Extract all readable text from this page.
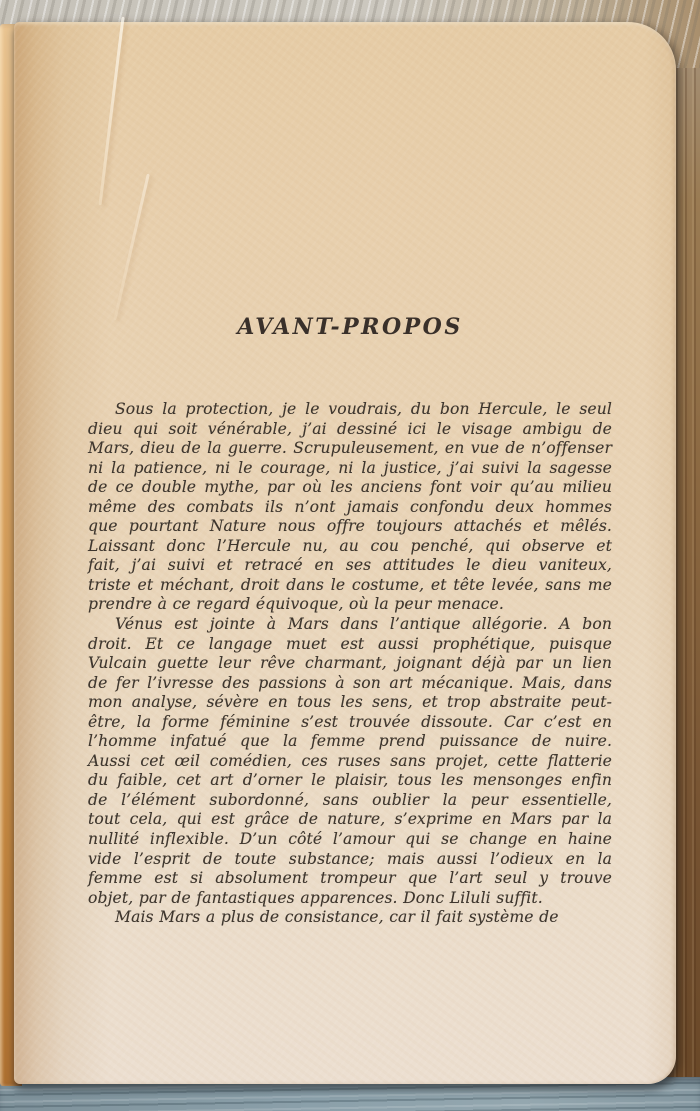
AVANT-PROPOS
Sous la protection, je le voudrais, du bon Hercule, le seul
dieu qui soit vénérable, j’ai dessiné ici le visage ambigu de
Mars, dieu de la guerre. Scrupuleusement, en vue de n’offenser
ni la patience, ni le courage, ni la justice, j’ai suivi la sagesse
de ce double mythe, par où les anciens font voir qu’au milieu
même des combats ils n’ont jamais confondu deux hommes
que pourtant Nature nous offre toujours attachés et mêlés.
Laissant donc l’Hercule nu, au cou penché, qui observe et
fait, j’ai suivi et retracé en ses attitudes le dieu vaniteux,
triste et méchant, droit dans le costume, et tête levée, sans me
prendre à ce regard équivoque, où la peur menace.
Vénus est jointe à Mars dans l’antique allégorie. A bon
droit. Et ce langage muet est aussi prophétique, puisque
Vulcain guette leur rêve charmant, joignant déjà par un lien
de fer l’ivresse des passions à son art mécanique. Mais, dans
mon analyse, sévère en tous les sens, et trop abstraite peut-
être, la forme féminine s’est trouvée dissoute. Car c’est en
l’homme infatué que la femme prend puissance de nuire.
Aussi cet œil comédien, ces ruses sans projet, cette flatterie
du faible, cet art d’orner le plaisir, tous les mensonges enfin
de l’élément subordonné, sans oublier la peur essentielle,
tout cela, qui est grâce de nature, s’exprime en Mars par la
nullité inflexible. D’un côté l’amour qui se change en haine
vide l’esprit de toute substance; mais aussi l’odieux en la
femme est si absolument trompeur que l’art seul y trouve
objet, par de fantastiques apparences. Donc Liluli suffit.
Mais Mars a plus de consistance, car il fait système de
